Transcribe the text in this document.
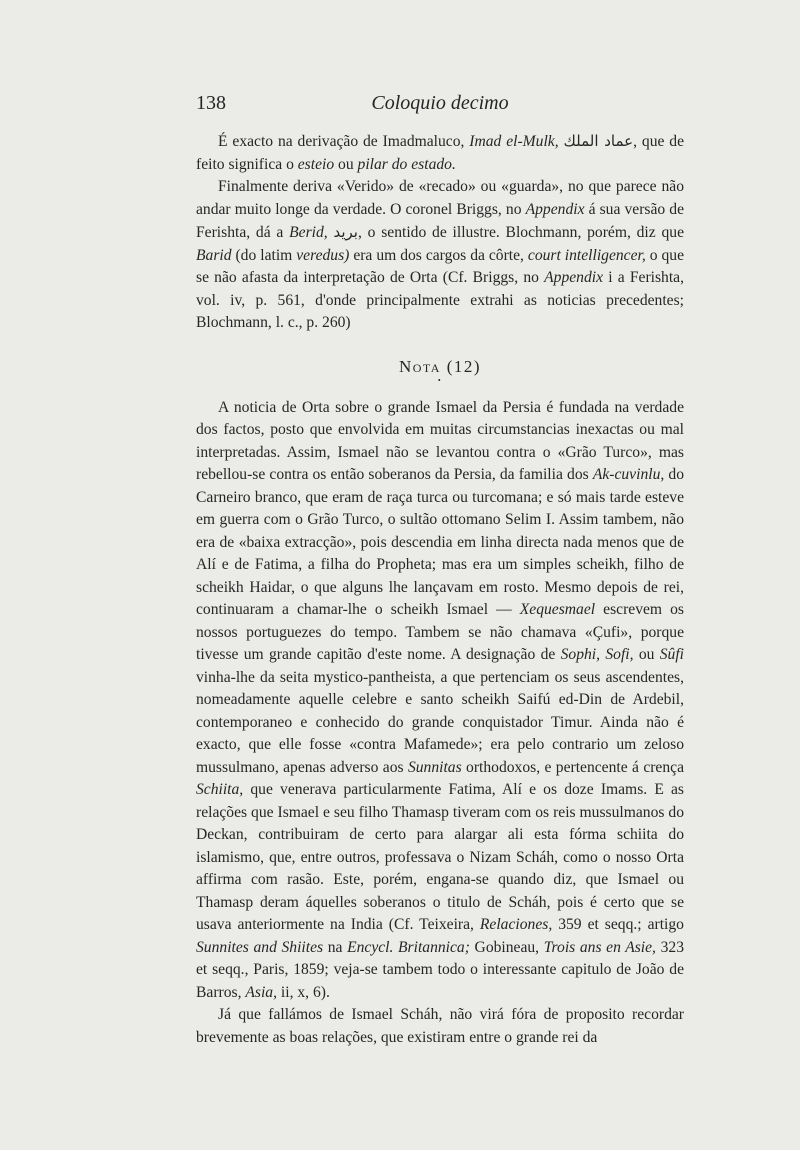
138	Coloquio decimo

É exacto na derivação de Imadmaluco, Imad el-Mulk, عماد الملك, que de feito significa o esteio ou pilar do estado.

Finalmente deriva «Verido» de «recado» ou «guarda», no que parece não andar muito longe da verdade. O coronel Briggs, no Appendix á sua versão de Ferishta, dá a Berid, بريد, o sentido de illustre. Blochmann, porém, diz que Barid (do latim veredus) era um dos cargos da côrte, court intelligencer, o que se não afasta da interpretação de Orta (Cf. Briggs, no Appendix i a Ferishta, vol. iv, p. 561, d'onde principalmente extrahi as noticias precedentes; Blochmann, l. c., p. 260)

Nota (12)
•

A noticia de Orta sobre o grande Ismael da Persia é fundada na verdade dos factos, posto que envolvida em muitas circumstancias inexactas ou mal interpretadas. Assim, Ismael não se levantou contra o «Grão Turco», mas rebellou-se contra os então soberanos da Persia, da familia dos Ak-cuvinlu, do Carneiro branco, que eram de raça turca ou turcomana; e só mais tarde esteve em guerra com o Grão Turco, o sultão ottomano Selim I. Assim tambem, não era de «baixa extracção», pois descendia em linha directa nada menos que de Alí e de Fatima, a filha do Propheta; mas era um simples scheikh, filho de scheikh Haidar, o que alguns lhe lançavam em rosto. Mesmo depois de rei, continuaram a chamar-lhe o scheikh Ismael — Xequesmael escrevem os nossos portuguezes do tempo. Tambem se não chamava «Çufi», porque tivesse um grande capitão d'este nome. A designação de Sophi, Sofi, ou Sûfi vinha-lhe da seita mystico-pantheista, a que pertenciam os seus ascendentes, nomeadamente aquelle celebre e santo scheikh Saifú ed-Din de Ardebil, contemporaneo e conhecido do grande conquistador Timur. Ainda não é exacto, que elle fosse «contra Mafamede»; era pelo contrario um zeloso mussulmano, apenas adverso aos Sunnitas orthodoxos, e pertencente á crença Schiita, que venerava particularmente Fatima, Alí e os doze Imams. E as relações que Ismael e seu filho Thamasp tiveram com os reis mussulmanos do Deckan, contribuiram de certo para alargar ali esta fórma schiita do islamismo, que, entre outros, professava o Nizam Scháh, como o nosso Orta affirma com rasão. Este, porém, engana-se quando diz, que Ismael ou Thamasp deram áquelles soberanos o titulo de Scháh, pois é certo que se usava anteriormente na India (Cf. Teixeira, Relaciones, 359 et seqq.; artigo Sunnites and Shiites na Encycl. Britannica; Gobineau, Trois ans en Asie, 323 et seqq., Paris, 1859; veja-se tambem todo o interessante capitulo de João de Barros, Asia, ii, x, 6).

Já que fallámos de Ismael Scháh, não virá fóra de proposito recordar brevemente as boas relações, que existiram entre o grande rei da
